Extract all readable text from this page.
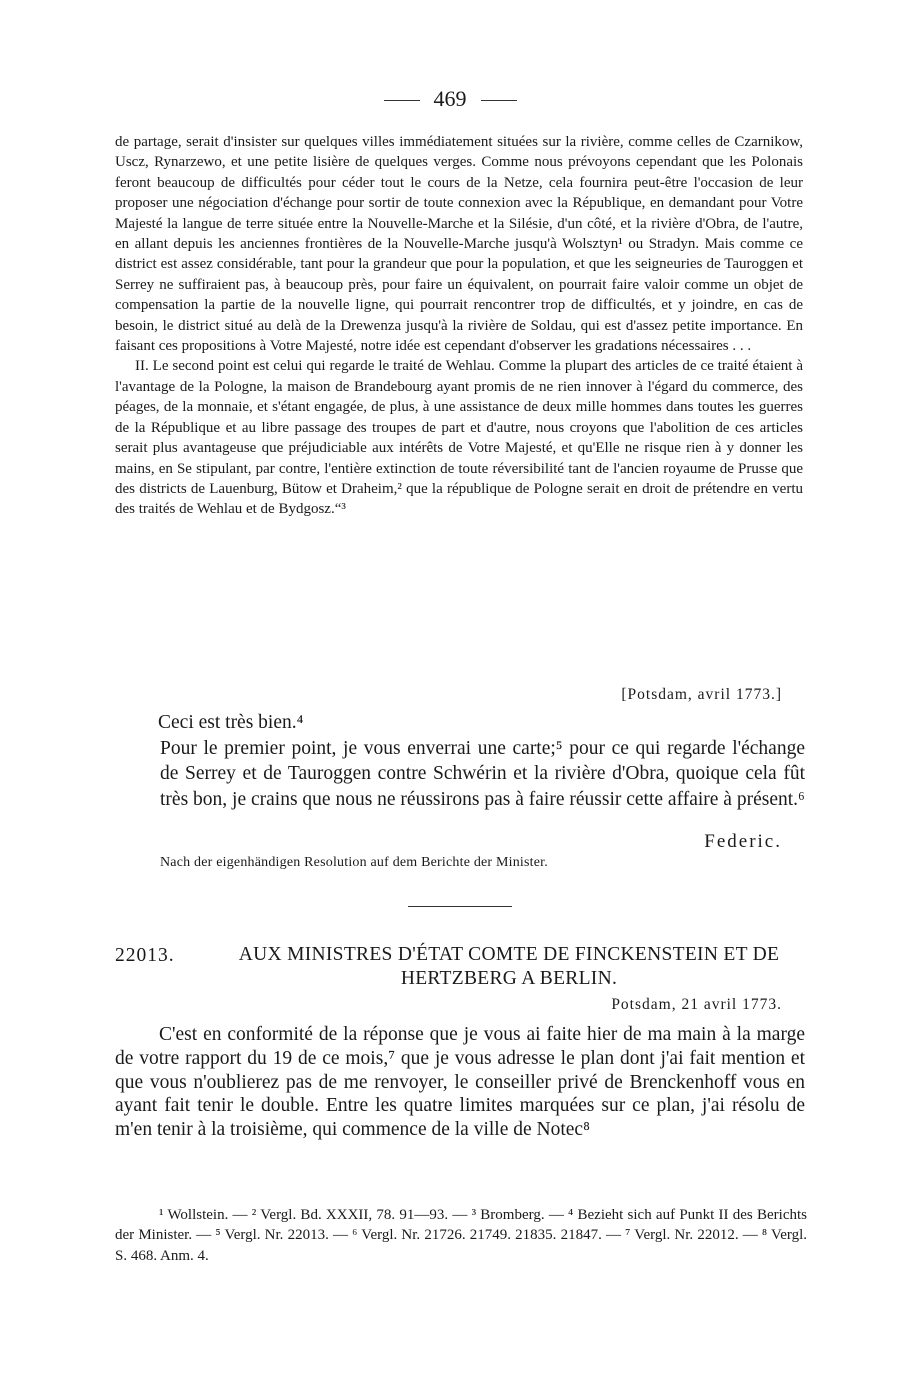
469

de partage, serait d'insister sur quelques villes immédiatement situées sur la rivière, comme celles de Czarnikow, Uscz, Rynarzewo, et une petite lisière de quelques verges. Comme nous prévoyons cependant que les Polonais feront beaucoup de difficultés pour céder tout le cours de la Netze, cela fournira peut-être l'occasion de leur proposer une négociation d'échange pour sortir de toute connexion avec la République, en demandant pour Votre Majesté la langue de terre située entre la Nouvelle-Marche et la Silésie, d'un côté, et la rivière d'Obra, de l'autre, en allant depuis les anciennes frontières de la Nouvelle-Marche jusqu'à Wolsztyn¹ ou Stradyn. Mais comme ce district est assez considérable, tant pour la grandeur que pour la population, et que les seigneuries de Tauroggen et Serrey ne suffiraient pas, à beaucoup près, pour faire un équivalent, on pourrait faire valoir comme un objet de compensation la partie de la nouvelle ligne, qui pourrait rencontrer trop de difficultés, et y joindre, en cas de besoin, le district situé au delà de la Drewenza jusqu'à la rivière de Soldau, qui est d'assez petite importance. En faisant ces propositions à Votre Majesté, notre idée est cependant d'observer les gradations nécessaires . . .

II. Le second point est celui qui regarde le traité de Wehlau. Comme la plupart des articles de ce traité étaient à l'avantage de la Pologne, la maison de Brandebourg ayant promis de ne rien innover à l'égard du commerce, des péages, de la monnaie, et s'étant engagée, de plus, à une assistance de deux mille hommes dans toutes les guerres de la République et au libre passage des troupes de part et d'autre, nous croyons que l'abolition de ces articles serait plus avantageuse que préjudiciable aux intérêts de Votre Majesté, et qu'Elle ne risque rien à y donner les mains, en Se stipulant, par contre, l'entière extinction de toute réversibilité tant de l'ancien royaume de Prusse que des districts de Lauenburg, Bütow et Draheim,² que la république de Pologne serait en droit de prétendre en vertu des traités de Wehlau et de Bydgosz.“³

[Potsdam, avril 1773.]

Ceci est très bien.⁴

Pour le premier point, je vous enverrai une carte;⁵ pour ce qui regarde l'échange de Serrey et de Tauroggen contre Schwérin et la rivière d'Obra, quoique cela fût très bon, je crains que nous ne réussirons pas à faire réussir cette affaire à présent.⁶

Federic.
Nach der eigenhändigen Resolution auf dem Berichte der Minister.
22013.	AUX MINISTRES D'ÉTAT COMTE DE FINCKENSTEIN ET DE HERTZBERG A BERLIN.
Potsdam, 21 avril 1773.

C'est en conformité de la réponse que je vous ai faite hier de ma main à la marge de votre rapport du 19 de ce mois,⁷ que je vous adresse le plan dont j'ai fait mention et que vous n'oublierez pas de me renvoyer, le conseiller privé de Brenckenhoff vous en ayant fait tenir le double. Entre les quatre limites marquées sur ce plan, j'ai résolu de m'en tenir à la troisième, qui commence de la ville de Notec⁸

¹ Wollstein. — ² Vergl. Bd. XXXII, 78. 91—93. — ³ Bromberg. — ⁴ Bezieht sich auf Punkt II des Berichts der Minister. — ⁵ Vergl. Nr. 22013. — ⁶ Vergl. Nr. 21726. 21749. 21835. 21847. — ⁷ Vergl. Nr. 22012. — ⁸ Vergl. S. 468. Anm. 4.
